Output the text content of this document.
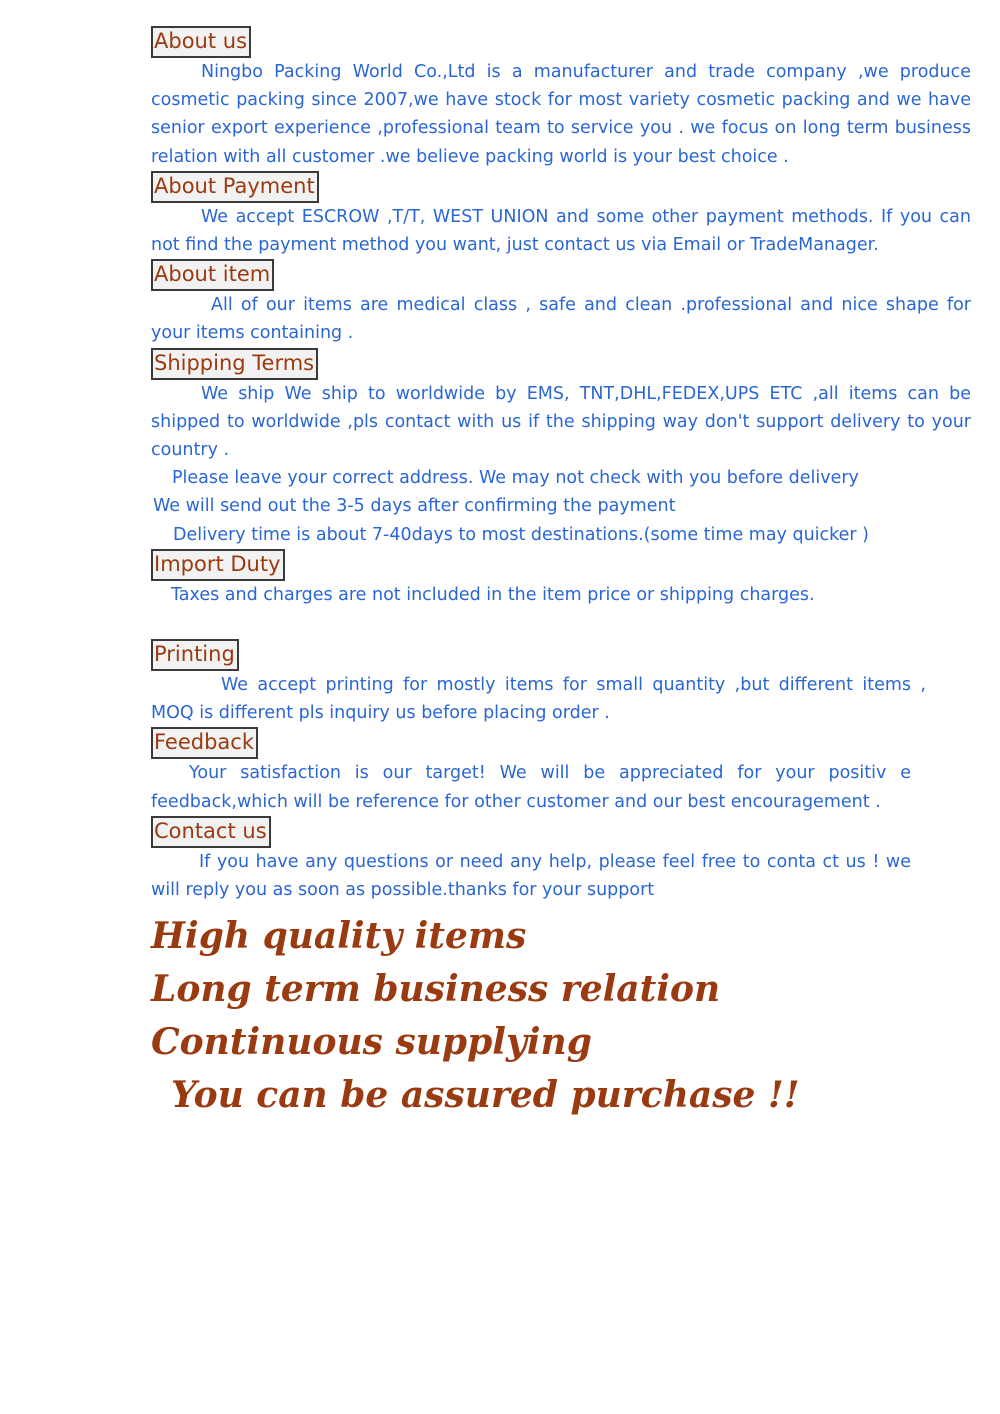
About us

Ningbo Packing World Co.,Ltd is a manufacturer and trade company ,we produce cosmetic packing since 2007,we have stock for most variety cosmetic packing and we have senior export experience ,professional team to service you . we focus on long term business relation with all customer .we believe packing world is your best choice .

About Payment

We accept ESCROW ,T/T, WEST UNION and some other payment methods. If you can not find the payment method you want, just contact us via Email or TradeManager.

About item

All of our items are medical class , safe and clean .professional and nice shape for your items containing .

Shipping Terms

We ship We ship to worldwide by EMS, TNT,DHL,FEDEX,UPS ETC ,all items can be shipped to worldwide ,pls contact with us if the shipping way don't support delivery to your country .

Please leave your correct address. We may not check with you before delivery

We will send out the 3-5 days after confirming the payment

Delivery time is about 7-40days to most destinations.(some time may quicker )

Import Duty

Taxes and charges are not included in the item price or shipping charges.

Printing

We accept printing for mostly items for small quantity ,but different items , MOQ is different pls inquiry us before placing order .

Feedback

Your satisfaction is our target! We will be appreciated for your positiv e feedback,which will be reference for other customer and our best encouragement .

Contact us

If you have any questions or need any help, please feel free to conta ct us ! we will reply you as soon as possible.thanks for your support

High quality items

Long term business relation

Continuous supplying

You can be assured purchase !!
